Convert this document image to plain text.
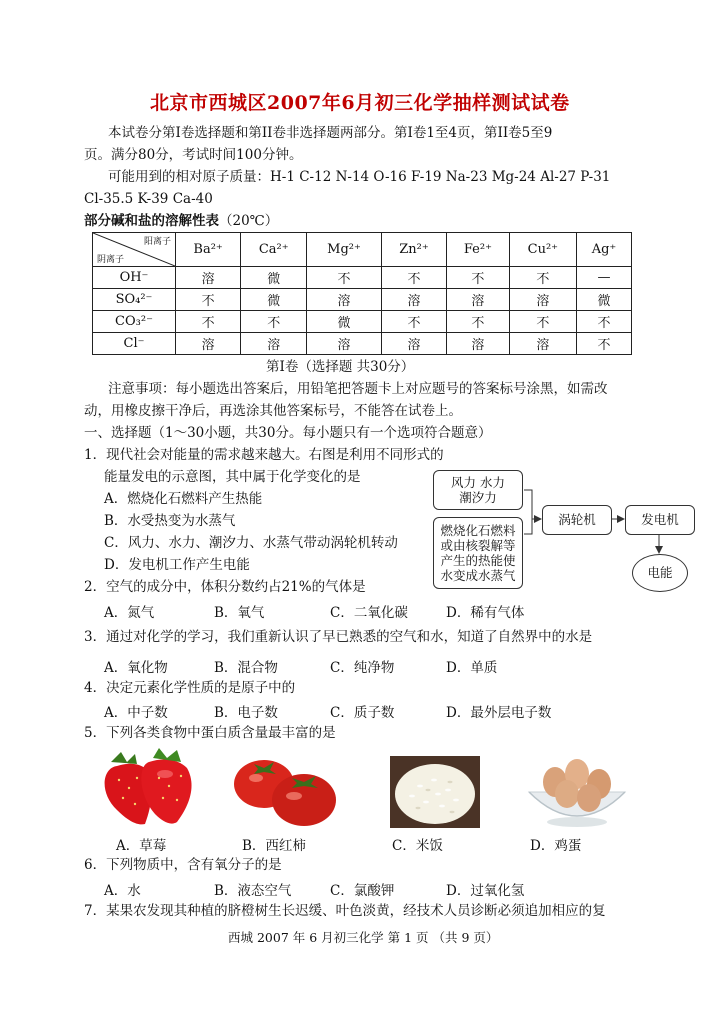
北京市西城区2007年6月初三化学抽样测试试卷
本试卷分第Ⅰ卷选择题和第II卷非选择题两部分。第Ⅰ卷1至4页，第II卷5至9
页。满分80分，考试时间100分钟。
可能用到的相对原子质量：H-1 C-12 N-14 O-16 F-19 Na-23 Mg-24 Al-27 P-31
Cl-35.5 K-39 Ca-40
部分碱和盐的溶解性表（20℃）
阳离子
阴离子	Ba²⁺	Ca²⁺	Mg²⁺	Zn²⁺	Fe²⁺	Cu²⁺	Ag⁺
OH⁻	溶	微	不	不	不	不	—
SO₄²⁻	不	微	溶	溶	溶	溶	微
CO₃²⁻	不	不	微	不	不	不	不
Cl⁻	溶	溶	溶	溶	溶	溶	不
第Ⅰ卷（选择题 共30分）
注意事项：每小题选出答案后，用铅笔把答题卡上对应题号的答案标号涂黑，如需改
动，用橡皮擦干净后，再选涂其他答案标号，不能答在试卷上。
一、选择题（1～30小题，共30分。每小题只有一个选项符合题意）
1．现代社会对能量的需求越来越大。右图是利用不同形式的
能量发电的示意图，其中属于化学变化的是
A．燃烧化石燃料产生热能
B．水受热变为水蒸气
C．风力、水力、潮汐力、水蒸气带动涡轮机转动
D．发电机工作产生电能
风力 水力
潮汐力
燃烧化石燃料
或由核裂解等
产生的热能使
水变成水蒸气
涡轮机	发电机
电能
2．空气的成分中，体积分数约占21%的气体是
A．氮气	B．氧气	C．二氧化碳	D．稀有气体
3．通过对化学的学习，我们重新认识了早已熟悉的空气和水，知道了自然界中的水是
A．氧化物	B．混合物	C．纯净物	D．单质
4．决定元素化学性质的是原子中的
A．中子数	B．电子数	C．质子数	D．最外层电子数
5．下列各类食物中蛋白质含量最丰富的是
A．草莓	B．西红柿	C．米饭	D．鸡蛋
6．下列物质中，含有氧分子的是
A．水	B．液态空气	C．氯酸钾	D．过氧化氢
7．某果农发现其种植的脐橙树生长迟缓、叶色淡黄，经技术人员诊断必须追加相应的复
西城 2007 年 6 月初三化学 第 1 页 （共 9 页）
